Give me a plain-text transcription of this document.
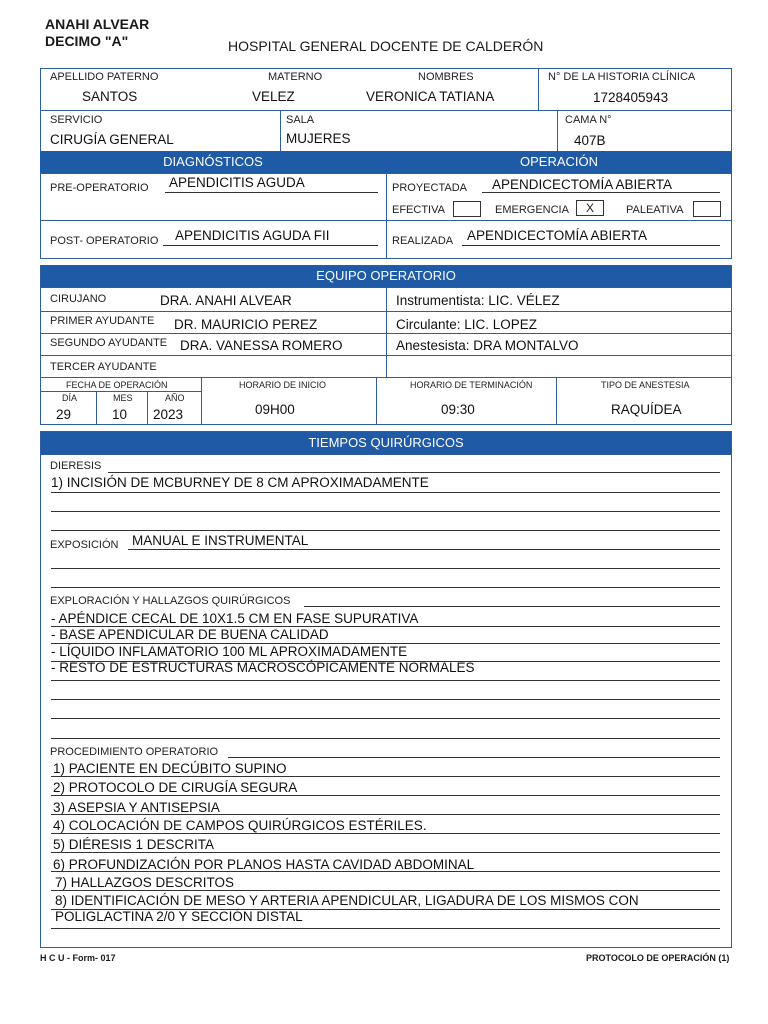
ANAHI ALVEAR
DECIMO "A"	HOSPITAL GENERAL DOCENTE DE CALDERÓN
APELLIDO PATERNO
SANTOS
MATERNO
VELEZ
NOMBRES
VERONICA TATIANA
N° DE LA HISTORIA CLÍNICA
1728405943
SERVICIO
CIRUGÍA GENERAL
SALA
MUJERES
CAMA N°
407B
DIAGNÓSTICOS	OPERACIÓN
PRE-OPERATORIO APENDICITIS AGUDA	PROYECTADA APENDICECTOMÍA ABIERTA
EFECTIVA	EMERGENCIA	X	PALEATIVA
POST- OPERATORIO APENDICITIS AGUDA FII	REALIZADA APENDICECTOMÍA ABIERTA
EQUIPO OPERATORIO
CIRUJANO	DRA. ANAHI ALVEAR	Instrumentista: LIC. VÉLEZ
PRIMER AYUDANTE DR. MAURICIO PEREZ	Circulante: LIC. LOPEZ
SEGUNDO AYUDANTE DRA. VANESSA ROMERO	Anestesista: DRA MONTALVO
TERCER AYUDANTE
FECHA DE OPERACIÓN
DÍA	MES	AÑO
29	10 2023
HORARIO DE INICIO
09H00
HORARIO DE TERMINACIÓN
09:30
TIPO DE ANESTESIA
RAQUÍDEA
TIEMPOS QUIRÚRGICOS
DIERESIS
1) INCISIÓN DE MCBURNEY DE 8 CM APROXIMADAMENTE
EXPOSICIÓN MANUAL E INSTRUMENTAL
EXPLORACIÓN Y HALLAZGOS QUIRÚRGICOS
- APÉNDICE CECAL DE 10X1.5 CM EN FASE SUPURATIVA
- BASE APENDICULAR DE BUENA CALIDAD
- LÍQUIDO INFLAMATORIO 100 ML APROXIMADAMENTE
- RESTO DE ESTRUCTURAS MACROSCÓPICAMENTE NORMALES
PROCEDIMIENTO OPERATORIO
1) PACIENTE EN DECÚBITO SUPINO
2) PROTOCOLO DE CIRUGÍA SEGURA
3) ASEPSIA Y ANTISEPSIA
4) COLOCACIÓN DE CAMPOS QUIRÚRGICOS ESTÉRILES.
5) DIÉRESIS 1 DESCRITA
6) PROFUNDIZACIÓN POR PLANOS HASTA CAVIDAD ABDOMINAL
7) HALLAZGOS DESCRITOS
8) IDENTIFICACIÓN DE MESO Y ARTERIA APENDICULAR, LIGADURA DE LOS MISMOS CON
POLIGLACTINA 2/0 Y SECCIÓN DISTAL
H C U - Form- 017	PROTOCOLO DE OPERACIÓN (1)
